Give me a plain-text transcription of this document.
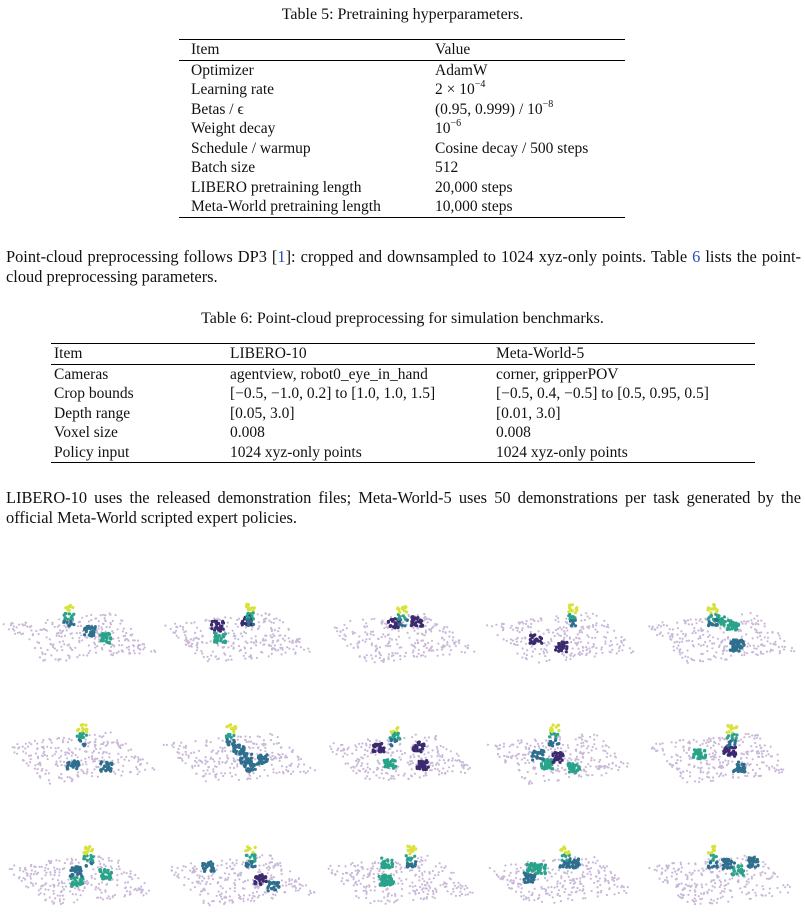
Table 5: Pretraining hyperparameters.
Item	Value
Optimizer	AdamW
Learning rate	$2 \times 10^{-4}$
Betas / ϵ	(0.95, $0.999) / 10^{-8}$
Weight decay	$10^{-6}$
Schedule / warmup	Cosine decay / 500 steps
Batch size	512
LIBERO pretraining length	20,000 steps
Meta-World pretraining length	10,000 steps
Point-cloud preprocessing follows DP3 [1]: cropped and downsampled to 1024 xyz-only points. Table 6 lists the point-cloud preprocessing parameters.
Table 6: Point-cloud preprocessing for simulation benchmarks.
Item	LIBERO-10	Meta-World-5
Cameras	agentview, robot0_eye_in_hand	corner, gripperPOV
Crop bounds	[−0.5, −1.0, 0.2] to [1.0, 1.0, 1.5]	[−0.5, 0.4, −0.5] to [0.5, 0.95, 0.5]
Depth range	[0.05, 3.0]	[0.01, 3.0]
Voxel size	0.008	0.008
Policy input	1024 xyz-only points	1024 xyz-only points
LIBERO-10 uses the released demonstration files; Meta-World-5 uses 50 demonstrations per task generated by the official Meta-World scripted expert policies.
